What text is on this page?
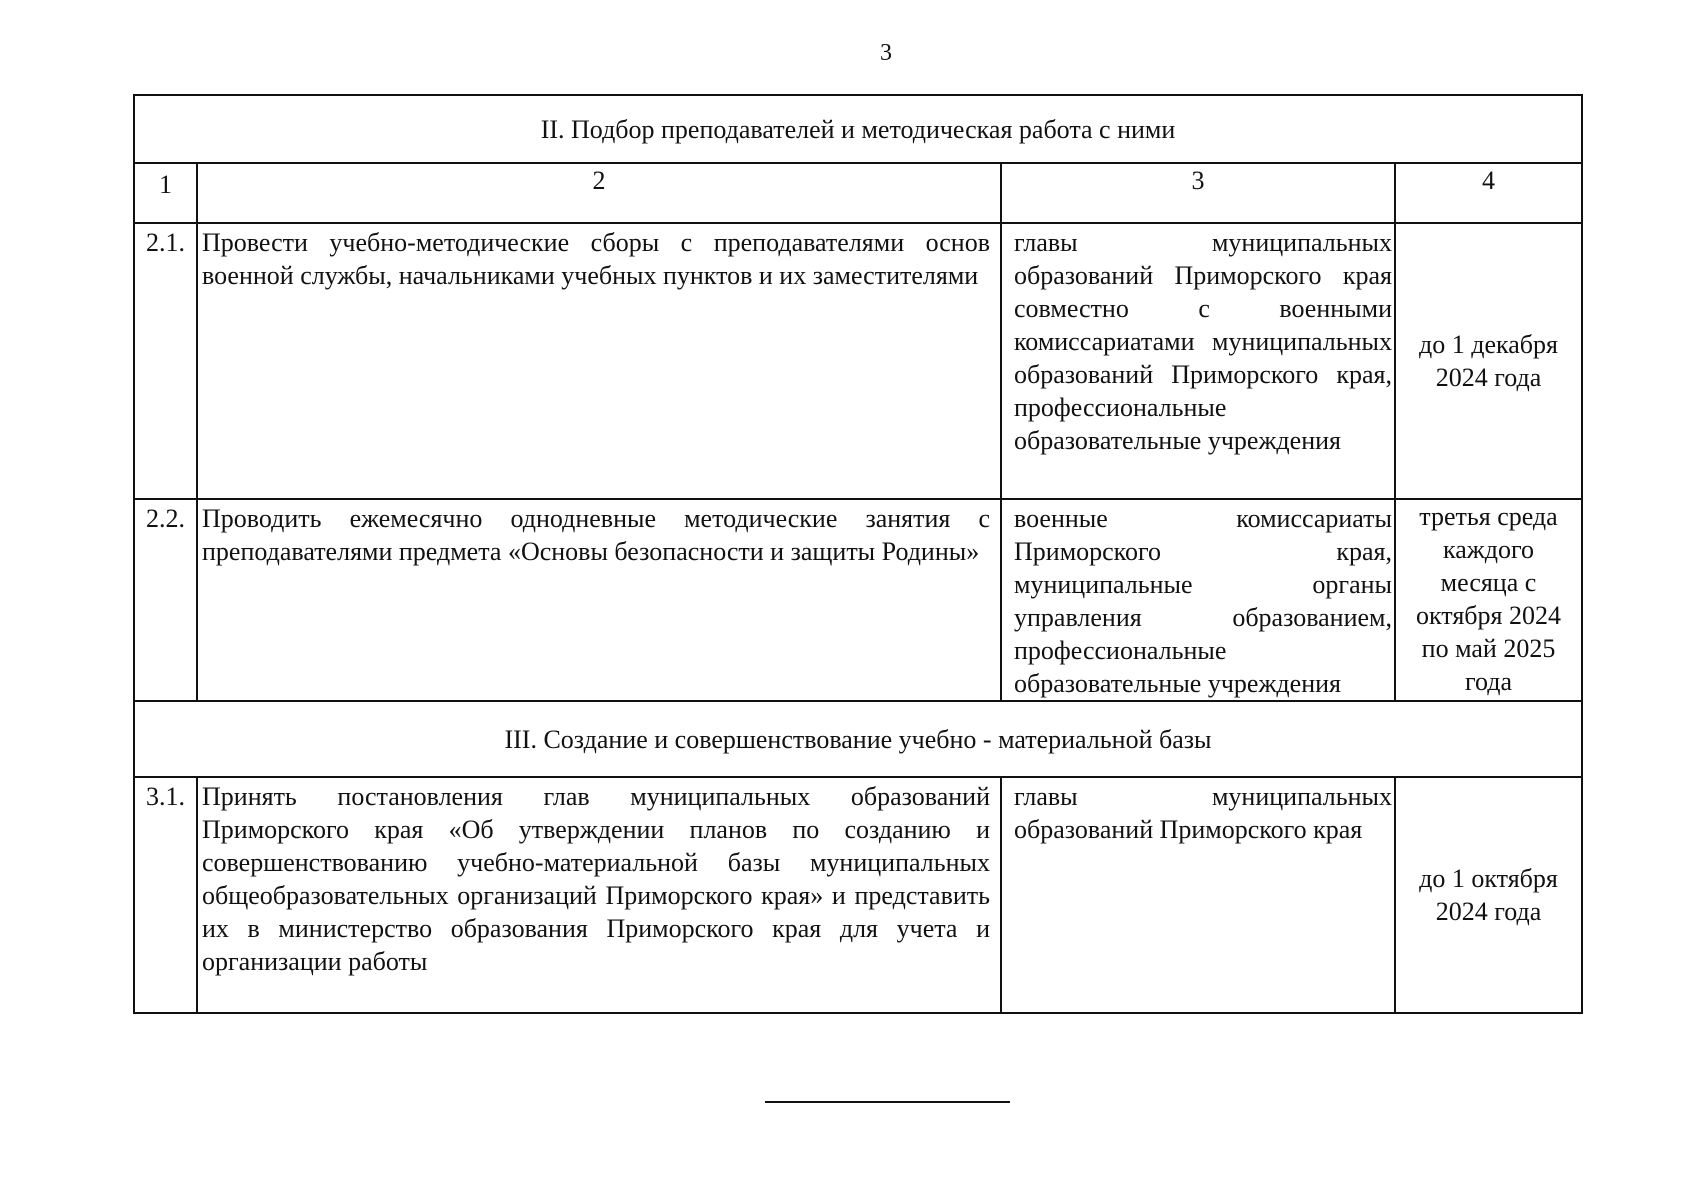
3
II. Подбор преподавателей и методическая работа с ними			
1	2	3	4
2.1.	Провести учебно-методические сборы с преподавателями основ военной службы, начальниками учебных пунктов и их заместителями	главы муниципальных образований Приморского края совместно с военными комиссариатами муниципальных образований Приморского края, профессиональные образовательные учреждения	до 1 декабря 2024 года
2.2.	Проводить ежемесячно однодневные методические занятия с преподавателями предмета «Основы безопасности и защиты Родины»	военные комиссариаты Приморского края, муниципальные органы управления образованием, профессиональные образовательные учреждения	третья среда каждого месяца с октября 2024 по май 2025 года
III. Создание и совершенствование учебно - материальной базы			
3.1.	Принять постановления глав муниципальных образований Приморского края «Об утверждении планов по созданию и совершенствованию учебно-материальной базы муниципальных общеобразовательных организаций Приморского края» и представить их в министерство образования Приморского края для учета и организации работы	главы муниципальных образований Приморского края	до 1 октября 2024 года
